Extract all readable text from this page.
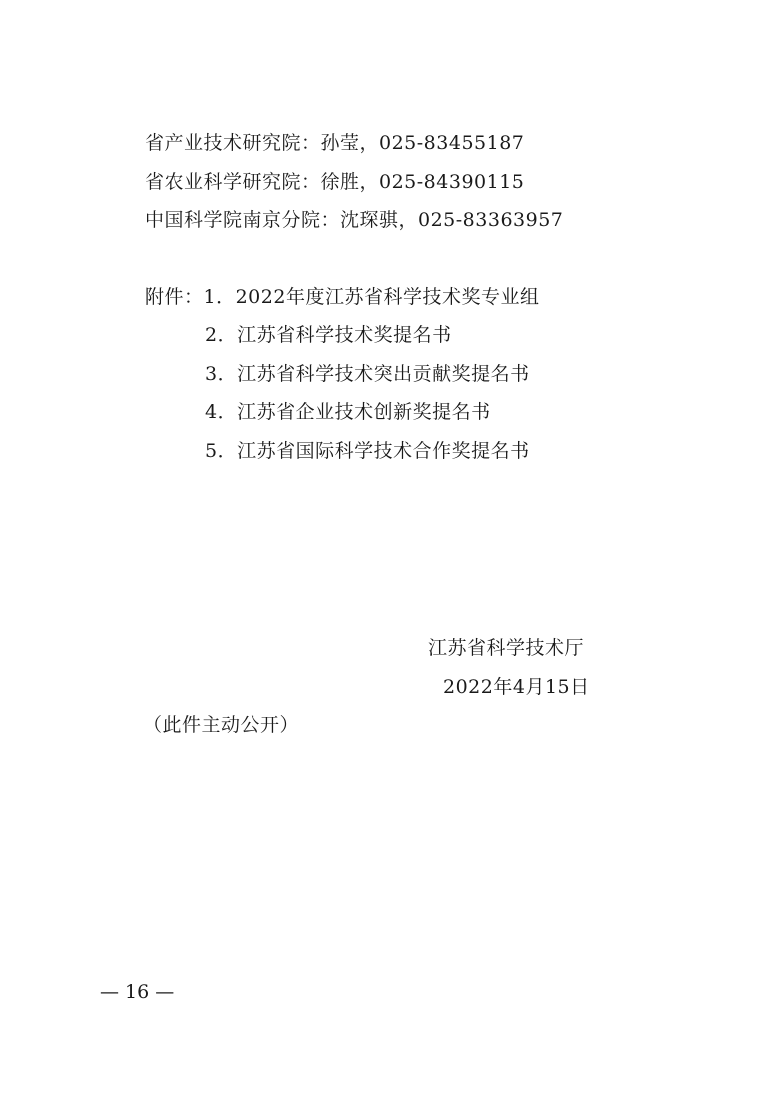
省产业技术研究院：孙莹，025-83455187
省农业科学研究院：徐胜，025-84390115
中国科学院南京分院：沈琛骐，025-83363957
附件：1．2022年度江苏省科学技术奖专业组
2．江苏省科学技术奖提名书
3．江苏省科学技术突出贡献奖提名书
4．江苏省企业技术创新奖提名书
5．江苏省国际科学技术合作奖提名书
江苏省科学技术厅
2022年4月15日
（此件主动公开）
— 16 —
